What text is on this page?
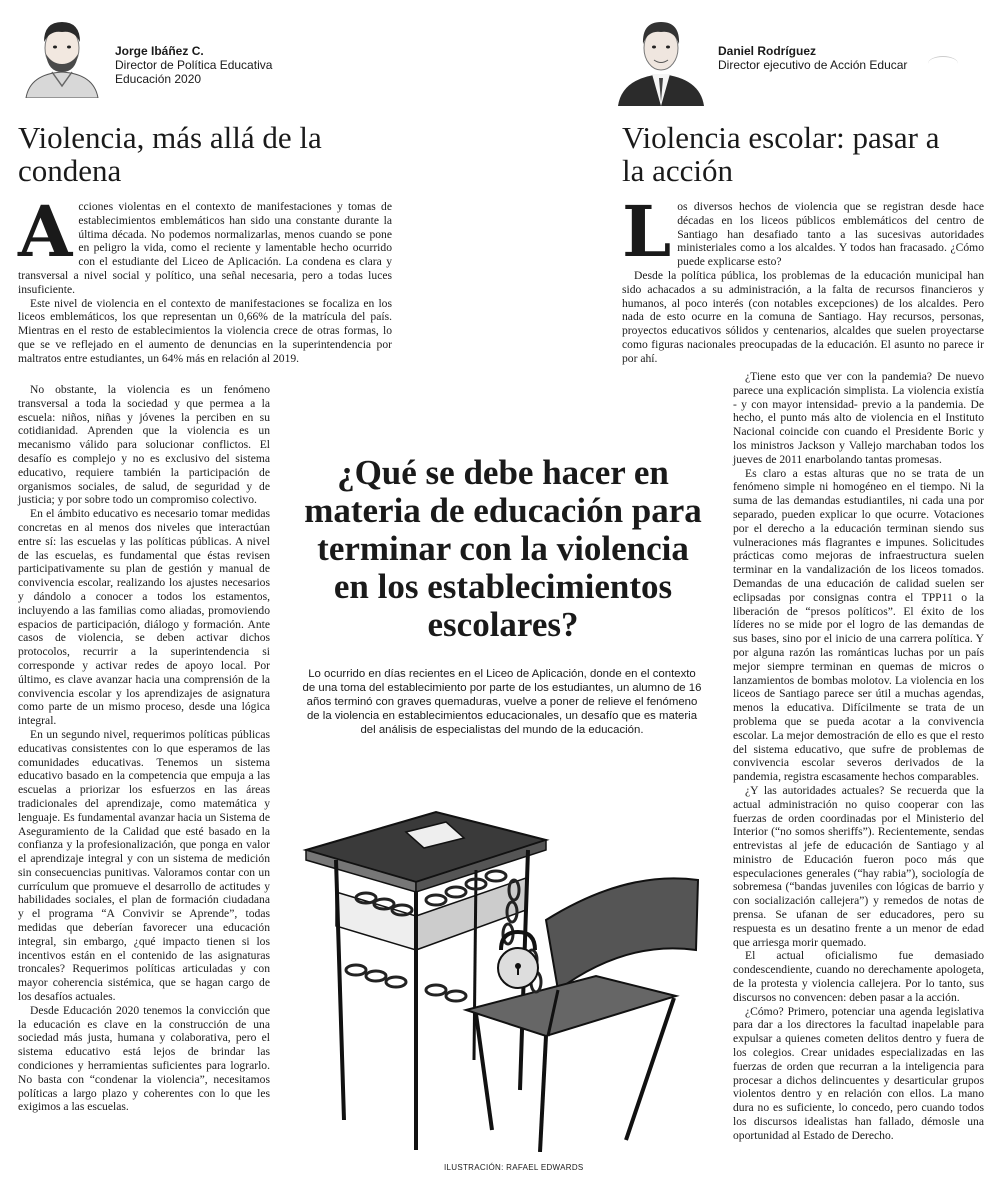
Jorge Ibáñez C.
Director de Política Educativa
Educación 2020
Daniel Rodríguez
Director ejecutivo de Acción Educar
Violencia, más allá de la condena
Violencia escolar: pasar a la acción
A cciones violentas en el contexto de manifestaciones y tomas de establecimientos emblemáticos han sido una constante durante la última década. No podemos normalizarlas, menos cuando se pone en peligro la vida, como el reciente y lamentable hecho ocurrido con el estudiante del Liceo de Aplicación. La condena es clara y transversal a nivel social y político, una señal necesaria, pero a todas luces insuficiente.

Este nivel de violencia en el contexto de manifestaciones se focaliza en los liceos emblemáticos, los que representan un 0,66% de la matrícula del país. Mientras en el resto de establecimientos la violencia crece de otras formas, lo que se ve reflejado en el aumento de denuncias en la superintendencia por maltratos entre estudiantes, un 64% más en relación al 2019.

No obstante, la violencia es un fenómeno transversal a toda la sociedad y que permea a la escuela: niños, niñas y jóvenes la perciben en su cotidianidad. Aprenden que la violencia es un mecanismo válido para solucionar conflictos. El desafío es complejo y no es exclusivo del sistema educativo, requiere también la participación de organismos sociales, de salud, de seguridad y de justicia; y por sobre todo un compromiso colectivo.

En el ámbito educativo es necesario tomar medidas concretas en al menos dos niveles que interactúan entre sí: las escuelas y las políticas públicas. A nivel de las escuelas, es fundamental que éstas revisen participativamente su plan de gestión y manual de convivencia escolar, realizando los ajustes necesarios y dándolo a conocer a todos los estamentos, incluyendo a las familias como aliadas, promoviendo espacios de participación, diálogo y formación. Ante casos de violencia, se deben activar dichos protocolos, recurrir a la superintendencia si corresponde y activar redes de apoyo local. Por último, es clave avanzar hacia una comprensión de la convivencia escolar y los aprendizajes de asignatura como parte de un mismo proceso, desde una lógica integral.

En un segundo nivel, requerimos políticas públicas educativas consistentes con lo que esperamos de las comunidades educativas. Tenemos un sistema educativo basado en la competencia que empuja a las escuelas a priorizar los esfuerzos en las áreas tradicionales del aprendizaje, como matemática y lenguaje. Es fundamental avanzar hacia un Sistema de Aseguramiento de la Calidad que esté basado en la confianza y la profesionalización, que ponga en valor el aprendizaje integral y con un sistema de medición sin consecuencias punitivas. Valoramos contar con un currículum que promueve el desarrollo de actitudes y habilidades sociales, el plan de formación ciudadana y el programa “A Convivir se Aprende”, todas medidas que deberían favorecer una educación integral, sin embargo, ¿qué impacto tienen si los incentivos están en el contenido de las asignaturas troncales? Requerimos políticas articuladas y con mayor coherencia sistémica, que se hagan cargo de los desafíos actuales.

Desde Educación 2020 tenemos la convicción que la educación es clave en la construcción de una sociedad más justa, humana y colaborativa, pero el sistema educativo está lejos de brindar las condiciones y herramientas suficientes para lograrlo. No basta con “condenar la violencia”, necesitamos políticas a largo plazo y coherentes con lo que les exigimos a las escuelas.

L os diversos hechos de violencia que se registran desde hace décadas en los liceos públicos emblemáticos del centro de Santiago han desafiado tanto a las sucesivas autoridades ministeriales como a los alcaldes. Y todos han fracasado. ¿Cómo puede explicarse esto?

Desde la política pública, los problemas de la educación municipal han sido achacados a su administración, a la falta de recursos financieros y humanos, al poco interés (con notables excepciones) de los alcaldes. Pero nada de esto ocurre en la comuna de Santiago. Hay recursos, personas, proyectos educativos sólidos y centenarios, alcaldes que suelen proyectarse como figuras nacionales preocupadas de la educación. El asunto no parece ir por ahí.

¿Tiene esto que ver con la pandemia? De nuevo parece una explicación simplista. La violencia existía - y con mayor intensidad- previo a la pandemia. De hecho, el punto más alto de violencia en el Instituto Nacional coincide con cuando el Presidente Boric y los ministros Jackson y Vallejo marchaban todos los jueves de 2011 enarbolando tantas promesas.

Es claro a estas alturas que no se trata de un fenómeno simple ni homogéneo en el tiempo. Ni la suma de las demandas estudiantiles, ni cada una por separado, pueden explicar lo que ocurre. Votaciones por el derecho a la educación terminan siendo sus vulneraciones más flagrantes e impunes. Solicitudes prácticas como mejoras de infraestructura suelen terminar en la vandalización de los liceos tomados. Demandas de una educación de calidad suelen ser eclipsadas por consignas contra el TPP11 o la liberación de “presos políticos”. El éxito de los líderes no se mide por el logro de las demandas de sus bases, sino por el inicio de una carrera política. Y por alguna razón las románticas luchas por un país mejor siempre terminan en quemas de micros o lanzamientos de bombas molotov. La violencia en los liceos de Santiago parece ser útil a muchas agendas, menos la educativa. Difícilmente se trata de un problema que se pueda acotar a la convivencia escolar. La mejor demostración de ello es que el resto del sistema educativo, que sufre de problemas de convivencia escolar severos derivados de la pandemia, registra escasamente hechos comparables.

¿Y las autoridades actuales? Se recuerda que la actual administración no quiso cooperar con las fuerzas de orden coordinadas por el Ministerio del Interior (“no somos sheriffs”). Recientemente, sendas entrevistas al jefe de educación de Santiago y al ministro de Educación fueron poco más que especulaciones generales (“hay rabia”), sociología de sobremesa (“bandas juveniles con lógicas de barrio y con socialización callejera”) y remedos de notas de prensa. Se ufanan de ser educadores, pero su respuesta es un desatino frente a un menor de edad que arriesga morir quemado.

El actual oficialismo fue demasiado condescendiente, cuando no derechamente apologeta, de la protesta y violencia callejera. Por lo tanto, sus discursos no convencen: deben pasar a la acción.

¿Cómo? Primero, potenciar una agenda legislativa para dar a los directores la facultad inapelable para expulsar a quienes cometen delitos dentro y fuera de los colegios. Crear unidades especializadas en las fuerzas de orden que recurran a la inteligencia para procesar a dichos delincuentes y desarticular grupos violentos dentro y en relación con ellos. La mano dura no es suficiente, lo concedo, pero cuando todos los discursos idealistas han fallado, démosle una oportunidad al Estado de Derecho.

¿Qué se debe hacer en materia de educación para terminar con la violencia en los establecimientos escolares?
Lo ocurrido en días recientes en el Liceo de Aplicación, donde en el contexto de una toma del establecimiento por parte de los estudiantes, un alumno de 16 años terminó con graves quemaduras, vuelve a poner de relieve el fenómeno de la violencia en establecimientos educacionales, un desafío que es materia del análisis de especialistas del mundo de la educación.
ILUSTRACIÓN: RAFAEL EDWARDS
